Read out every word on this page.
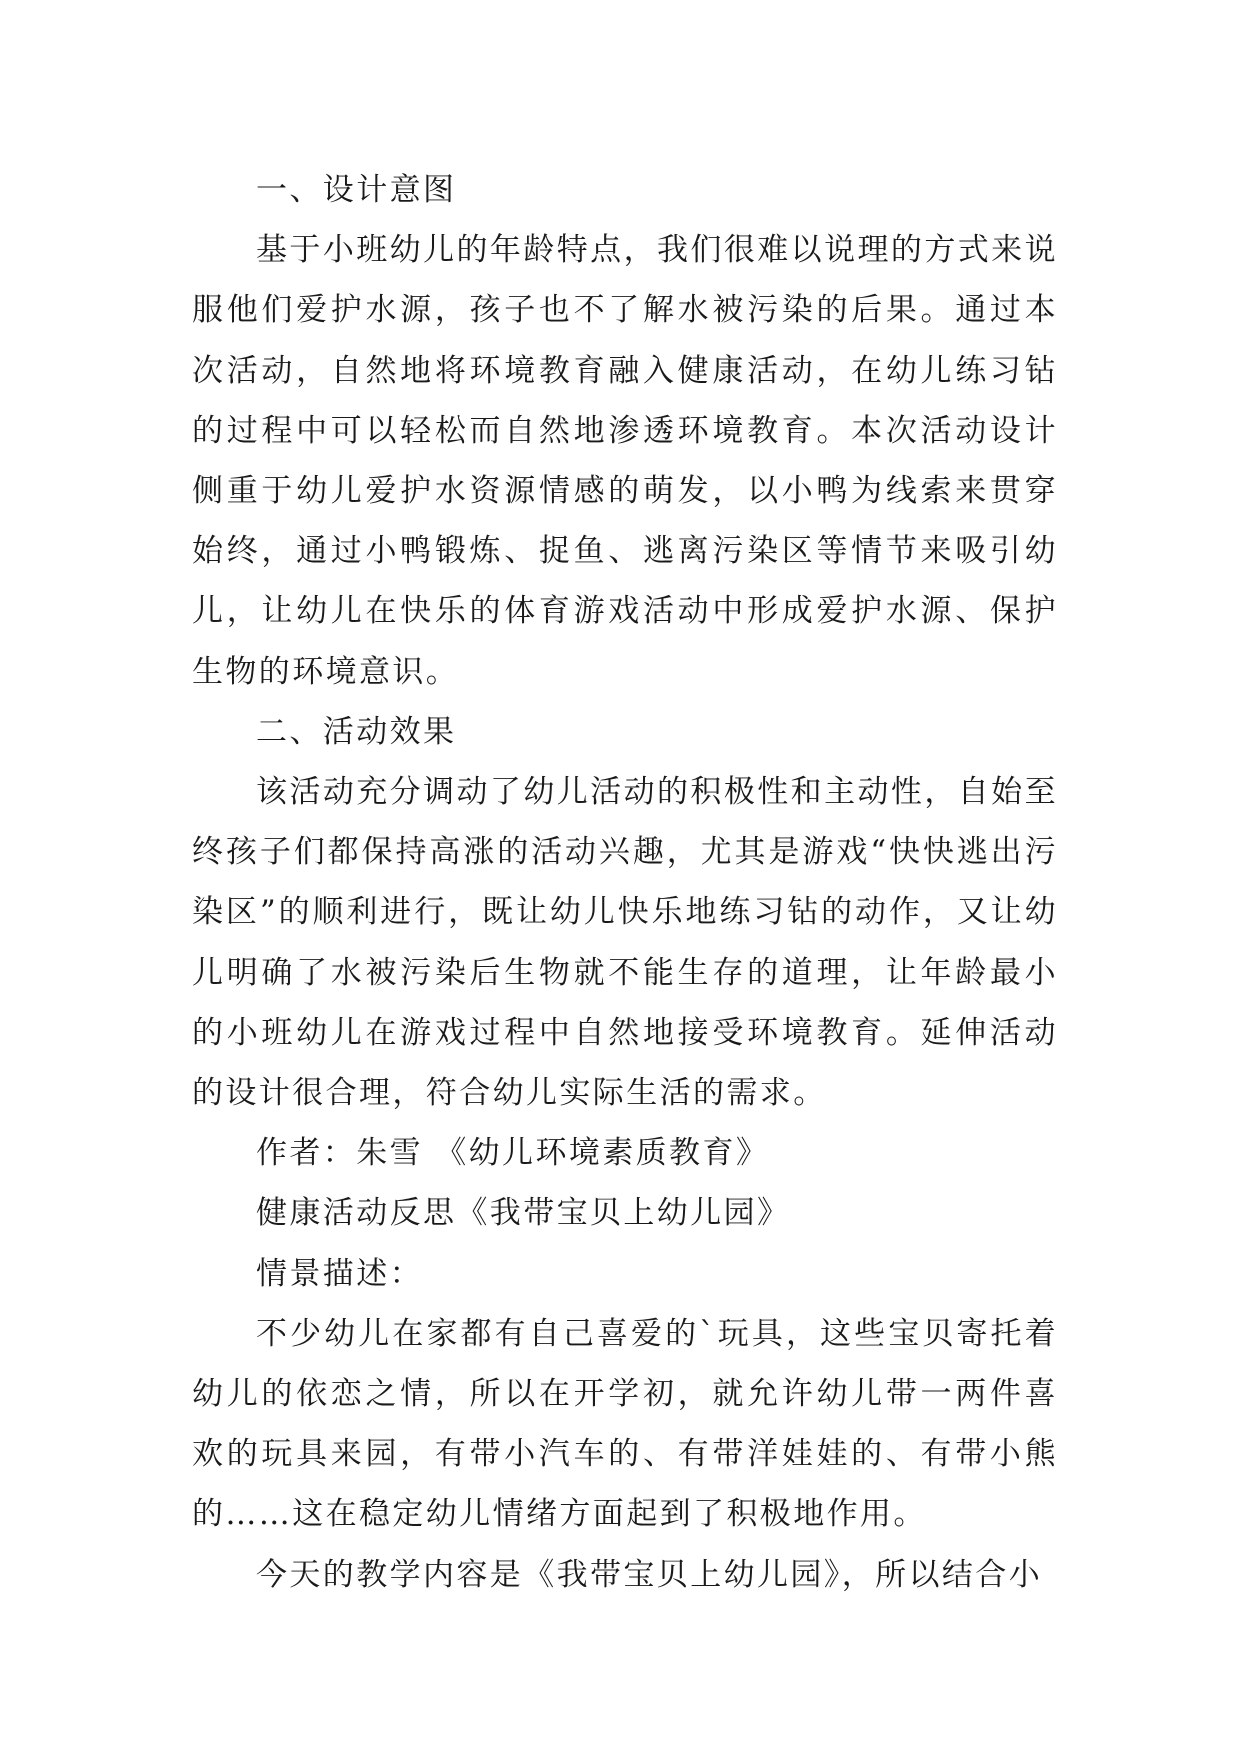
一、设计意图

基于小班幼儿的年龄特点，我们很难以说理的方式来说服他们爱护水源，孩子也不了解水被污染的后果。通过本次活动，自然地将环境教育融入健康活动，在幼儿练习钻的过程中可以轻松而自然地渗透环境教育。本次活动设计侧重于幼儿爱护水资源情感的萌发，以小鸭为线索来贯穿始终，通过小鸭锻炼、捉鱼、逃离污染区等情节来吸引幼儿，让幼儿在快乐的体育游戏活动中形成爱护水源、保护生物的环境意识。

二、活动效果

该活动充分调动了幼儿活动的积极性和主动性，自始至终孩子们都保持高涨的活动兴趣，尤其是游戏“快快逃出污染区”的顺利进行，既让幼儿快乐地练习钻的动作，又让幼儿明确了水被污染后生物就不能生存的道理，让年龄最小的小班幼儿在游戏过程中自然地接受环境教育。延伸活动的设计很合理，符合幼儿实际生活的需求。

作者：朱雪 《幼儿环境素质教育》

健康活动反思《我带宝贝上幼儿园》

情景描述：

不少幼儿在家都有自己喜爱的`玩具，这些宝贝寄托着幼儿的依恋之情，所以在开学初，就允许幼儿带一两件喜欢的玩具来园，有带小汽车的、有带洋娃娃的、有带小熊的……这在稳定幼儿情绪方面起到了积极地作用。

今天的教学内容是《我带宝贝上幼儿园》，所以结合小
